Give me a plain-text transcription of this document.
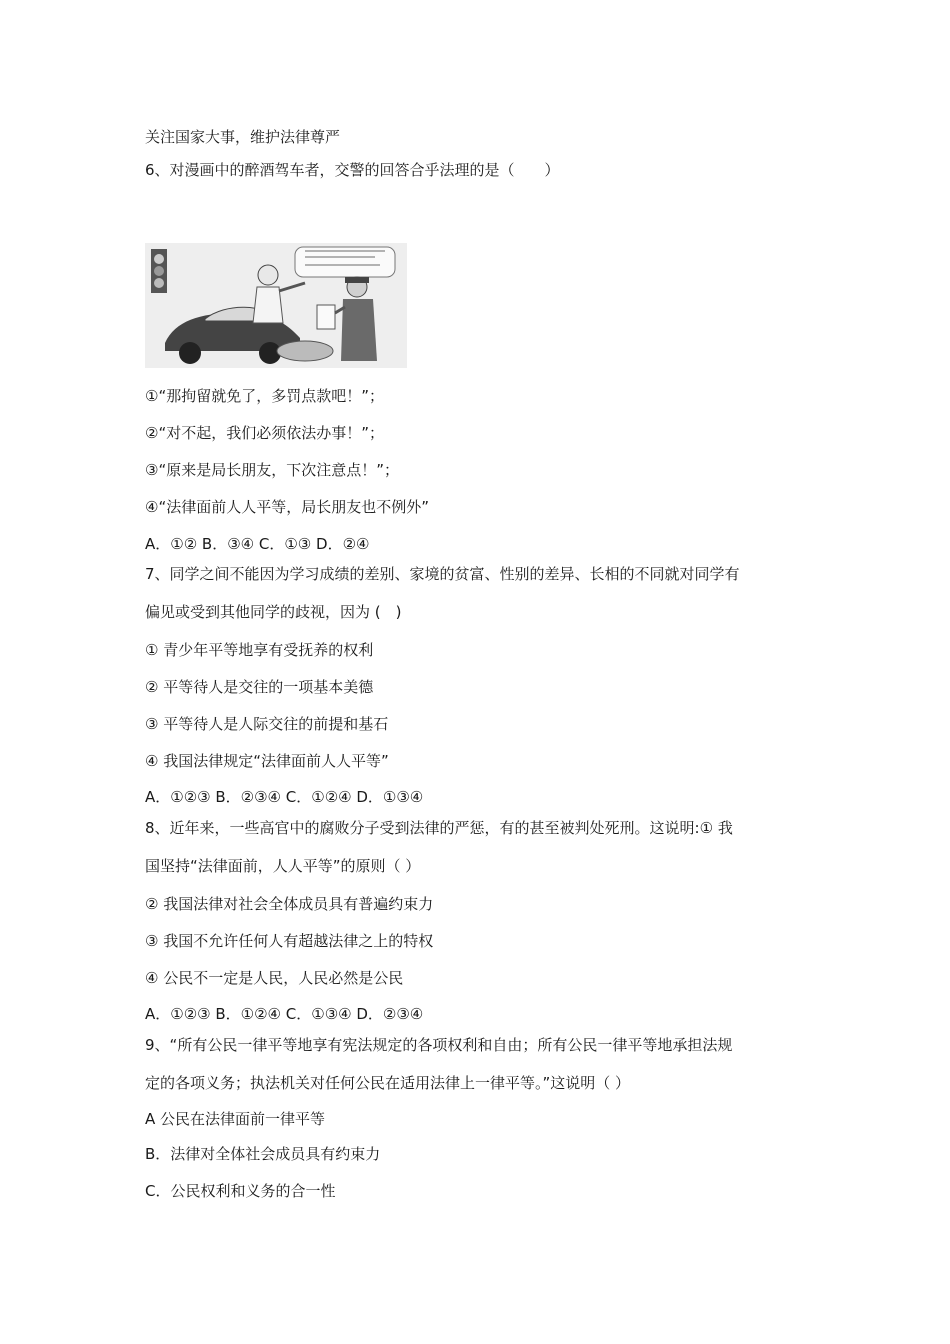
关注国家大事，维护法律尊严

6、对漫画中的醉酒驾车者，交警的回答合乎法理的是（　　）

①“那拘留就免了，多罚点款吧！”；

②“对不起，我们必须依法办事！”；

③“原来是局长朋友，下次注意点！”；

④“法律面前人人平等，局长朋友也不例外”

A．①② B．③④ C．①③ D．②④

7、同学之间不能因为学习成绩的差别、家境的贫富、性别的差异、长相的不同就对同学有

偏见或受到其他同学的歧视，因为 (　)

① 青少年平等地享有受抚养的权利

② 平等待人是交往的一项基本美德

③ 平等待人是人际交往的前提和基石

④ 我国法律规定“法律面前人人平等”

A．①②③ B．②③④ C．①②④ D．①③④

8、近年来，一些高官中的腐败分子受到法律的严惩，有的甚至被判处死刑。这说明:① 我

国坚持“法律面前，人人平等”的原则（ ）

② 我国法律对社会全体成员具有普遍约束力

③ 我国不允许任何人有超越法律之上的特权

④ 公民不一定是人民，人民必然是公民

A．①②③ B．①②④ C．①③④ D．②③④

9、“所有公民一律平等地享有宪法规定的各项权利和自由；所有公民一律平等地承担法规

定的各项义务；执法机关对任何公民在适用法律上一律平等。”这说明（ ）

A 公民在法律面前一律平等

B．法律对全体社会成员具有约束力

C．公民权利和义务的合一性
